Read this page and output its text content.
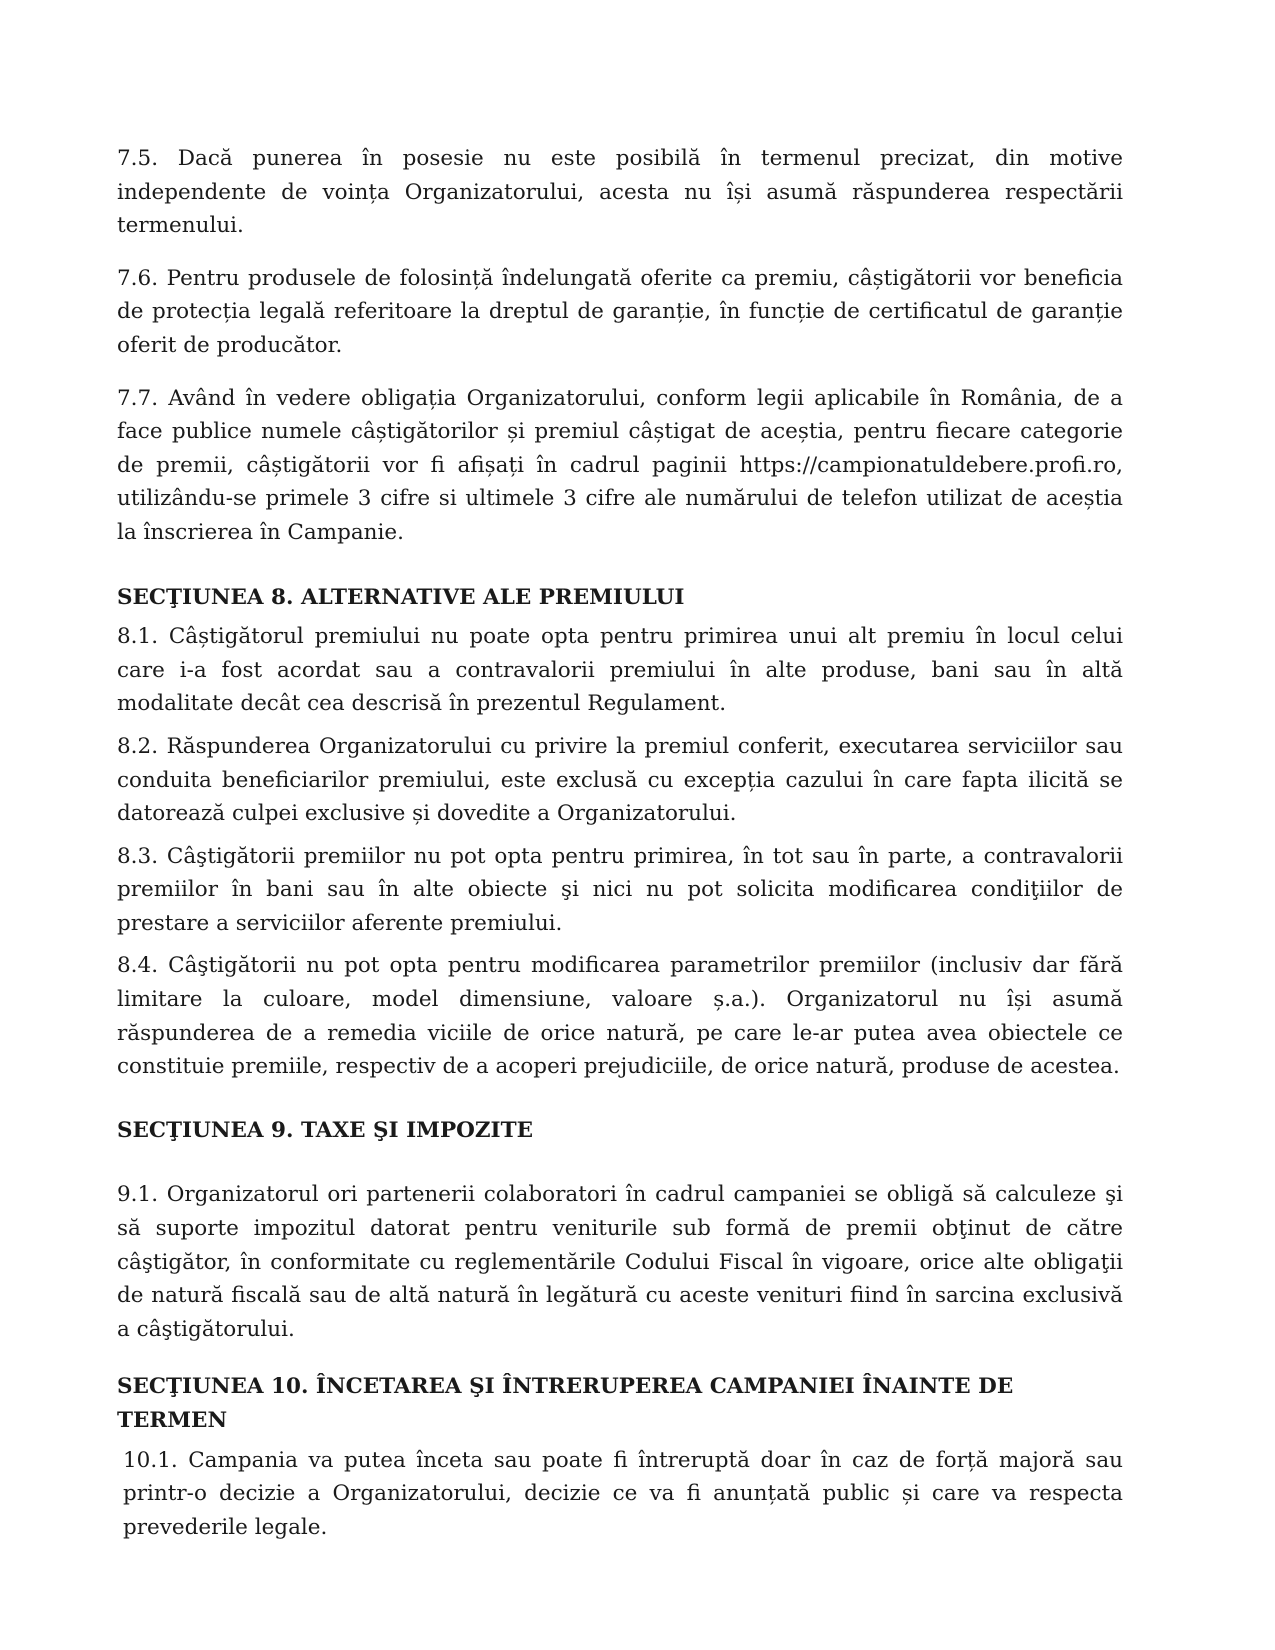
7.5. Dacă punerea în posesie nu este posibilă în termenul precizat, din motive independente de voința Organizatorului, acesta nu își asumă răspunderea respectării termenului.

7.6. Pentru produsele de folosință îndelungată oferite ca premiu, câștigătorii vor beneficia de protecția legală referitoare la dreptul de garanție, în funcție de certificatul de garanție oferit de producător.

7.7. Având în vedere obligația Organizatorului, conform legii aplicabile în România, de a face publice numele câștigătorilor și premiul câștigat de aceștia, pentru fiecare categorie de premii, câștigătorii vor fi afișați în cadrul paginii https://campionatuldebere.profi.ro, utilizându-se primele 3 cifre si ultimele 3 cifre ale numărului de telefon utilizat de aceștia la înscrierea în Campanie.

SECŢIUNEA 8. ALTERNATIVE ALE PREMIULUI

8.1. Câștigătorul premiului nu poate opta pentru primirea unui alt premiu în locul celui care i-a fost acordat sau a contravalorii premiului în alte produse, bani sau în altă modalitate decât cea descrisă în prezentul Regulament.

8.2. Răspunderea Organizatorului cu privire la premiul conferit, executarea serviciilor sau conduita beneficiarilor premiului, este exclusă cu excepția cazului în care fapta ilicită se datorează culpei exclusive și dovedite a Organizatorului.

8.3. Câştigătorii premiilor nu pot opta pentru primirea, în tot sau în parte, a contravalorii premiilor în bani sau în alte obiecte şi nici nu pot solicita modificarea condiţiilor de prestare a serviciilor aferente premiului.

8.4. Câştigătorii nu pot opta pentru modificarea parametrilor premiilor (inclusiv dar fără limitare la culoare, model dimensiune, valoare ș.a.). Organizatorul nu își asumă răspunderea de a remedia viciile de orice natură, pe care le-ar putea avea obiectele ce constituie premiile, respectiv de a acoperi prejudiciile, de orice natură, produse de acestea.

SECŢIUNEA 9. TAXE ŞI IMPOZITE

9.1. Organizatorul ori partenerii colaboratori în cadrul campaniei se obligă să calculeze şi să suporte impozitul datorat pentru veniturile sub formă de premii obţinut de către câştigător, în conformitate cu reglementările Codului Fiscal în vigoare, orice alte obligaţii de natură fiscală sau de altă natură în legătură cu aceste venituri fiind în sarcina exclusivă a câştigătorului.

SECŢIUNEA 10. ÎNCETAREA ŞI ÎNTRERUPEREA CAMPANIEI ÎNAINTE DE TERMEN

10.1. Campania va putea înceta sau poate fi întreruptă doar în caz de forță majoră sau printr-o decizie a Organizatorului, decizie ce va fi anunțată public și care va respecta prevederile legale.
